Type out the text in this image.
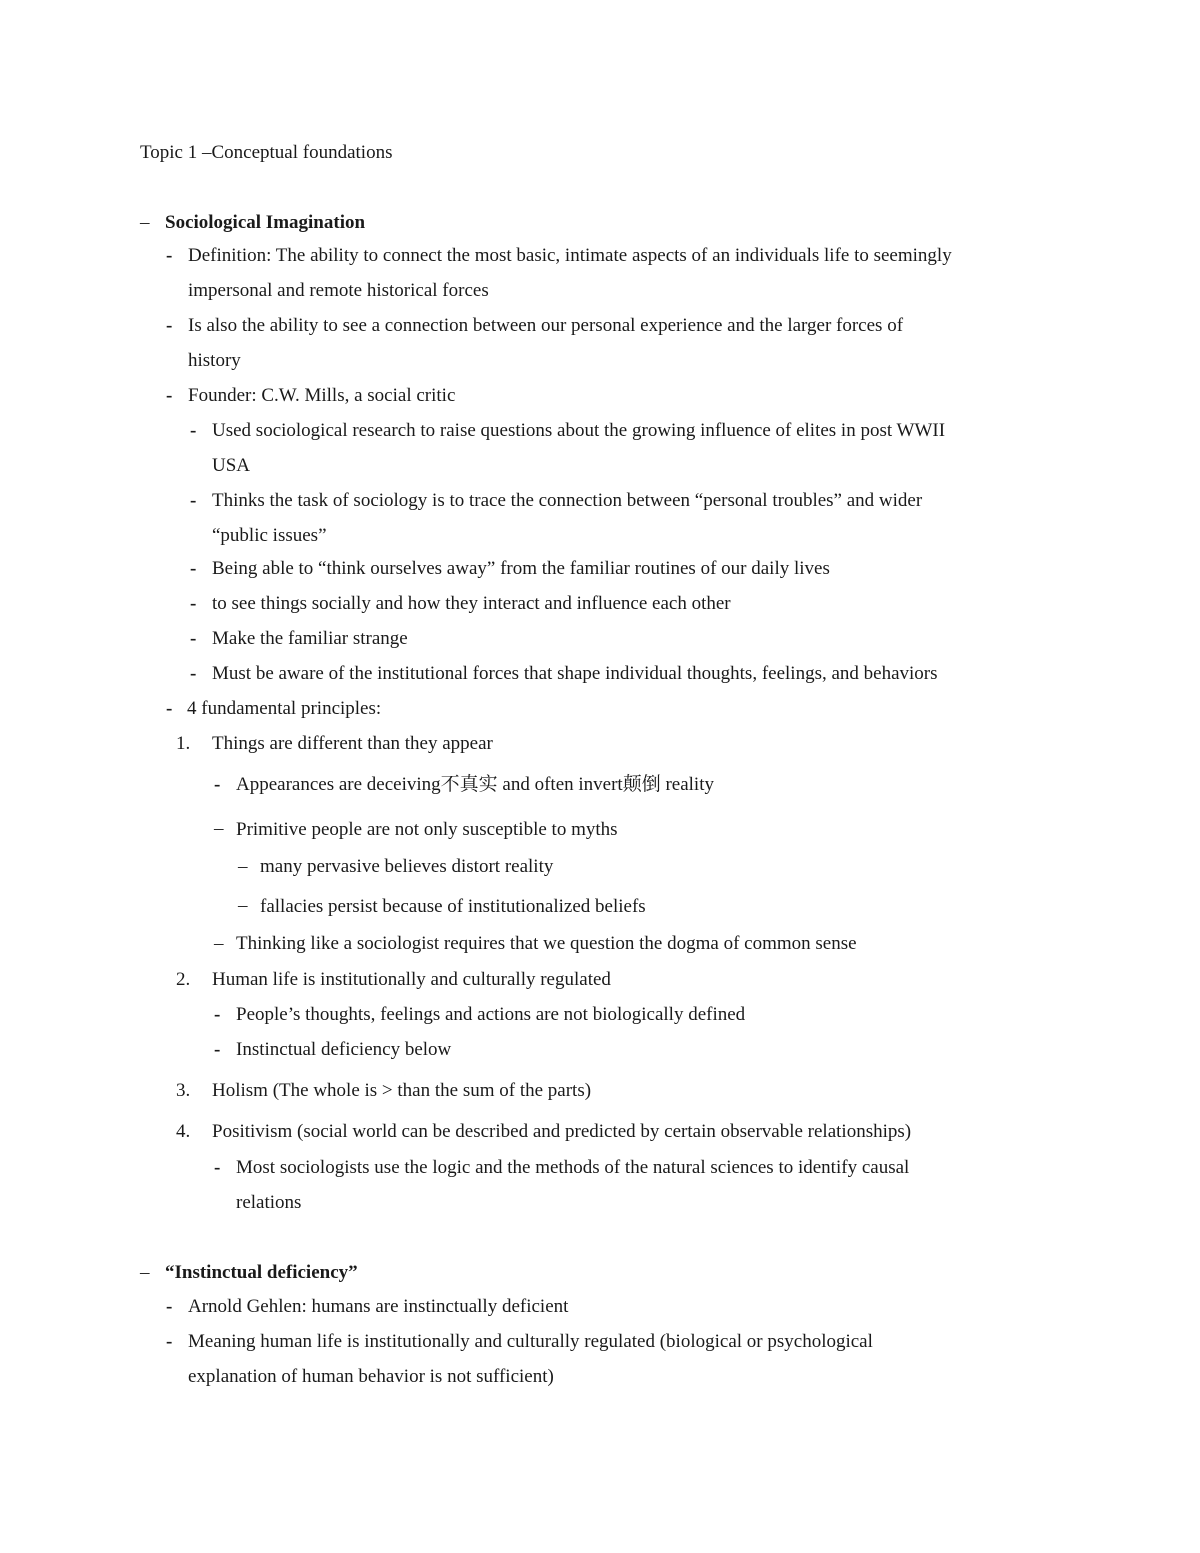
Topic 1 –Conceptual foundations
– Sociological Imagination
- Definition: The ability to connect the most basic, intimate aspects of an individuals life to seemingly
impersonal and remote historical forces
- Is also the ability to see a connection between our personal experience and the larger forces of
history
- Founder: C.W. Mills, a social critic
- Used sociological research to raise questions about the growing influence of elites in post WWII
USA
- Thinks the task of sociology is to trace the connection between “personal troubles” and wider
“public issues”
- Being able to “think ourselves away” from the familiar routines of our daily lives
- to see things socially and how they interact and influence each other
- Make the familiar strange
- Must be aware of the institutional forces that shape individual thoughts, feelings, and behaviors
- 4 fundamental principles:
1. Things are different than they appear
- Appearances are deceiving不真实 and often invert颠倒 reality
– Primitive people are not only susceptible to myths
– many pervasive believes distort reality
– fallacies persist because of institutionalized beliefs
– Thinking like a sociologist requires that we question the dogma of common sense
2. Human life is institutionally and culturally regulated
- People’s thoughts, feelings and actions are not biologically defined
- Instinctual deficiency below
3. Holism (The whole is > than the sum of the parts)
4. Positivism (social world can be described and predicted by certain observable relationships)
- Most sociologists use the logic and the methods of the natural sciences to identify causal
relations
– “Instinctual deficiency”
- Arnold Gehlen: humans are instinctually deficient
- Meaning human life is institutionally and culturally regulated (biological or psychological
explanation of human behavior is not sufficient)
